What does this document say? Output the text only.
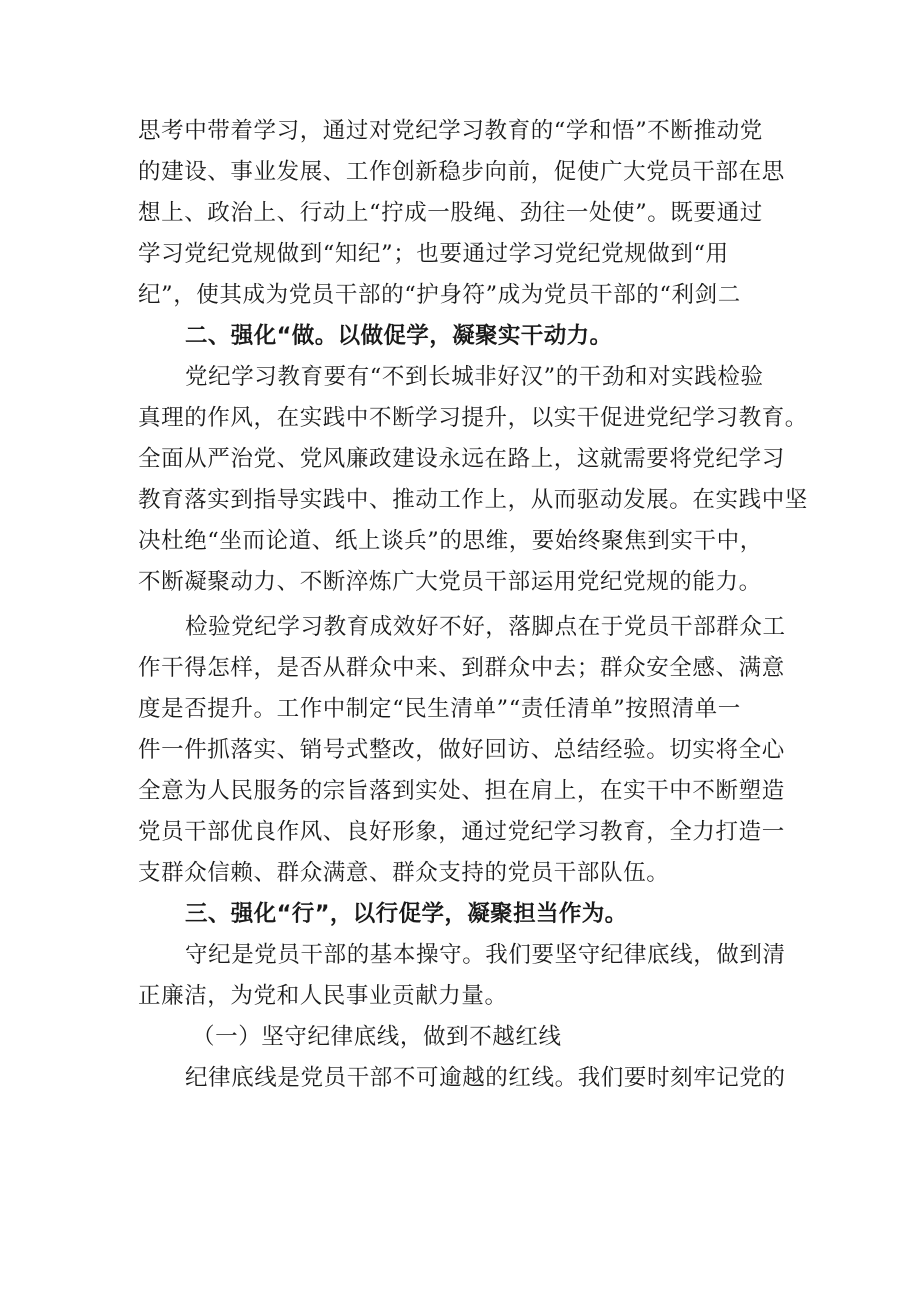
思考中带着学习，通过对党纪学习教育的“学和悟”不断推动党
的建设、事业发展、工作创新稳步向前，促使广大党员干部在思
想上、政治上、行动上“拧成一股绳、劲往一处使”。既要通过
学习党纪党规做到“知纪”；也要通过学习党纪党规做到“用
纪”，使其成为党员干部的“护身符”成为党员干部的“利剑二
二、强化“做。以做促学，凝聚实干动力。
党纪学习教育要有“不到长城非好汉”的干劲和对实践检验
真理的作风，在实践中不断学习提升，以实干促进党纪学习教育。
全面从严治党、党风廉政建设永远在路上，这就需要将党纪学习
教育落实到指导实践中、推动工作上，从而驱动发展。在实践中坚
决杜绝“坐而论道、纸上谈兵”的思维，要始终聚焦到实干中，
不断凝聚动力、不断淬炼广大党员干部运用党纪党规的能力。
检验党纪学习教育成效好不好，落脚点在于党员干部群众工
作干得怎样，是否从群众中来、到群众中去；群众安全感、满意
度是否提升。工作中制定“民生清单”“责任清单”按照清单一
件一件抓落实、销号式整改，做好回访、总结经验。切实将全心
全意为人民服务的宗旨落到实处、担在肩上，在实干中不断塑造
党员干部优良作风、良好形象，通过党纪学习教育，全力打造一
支群众信赖、群众满意、群众支持的党员干部队伍。
三、强化“行”，以行促学，凝聚担当作为。
守纪是党员干部的基本操守。我们要坚守纪律底线，做到清
正廉洁，为党和人民事业贡献力量。
（一）坚守纪律底线，做到不越红线
纪律底线是党员干部不可逾越的红线。我们要时刻牢记党的
